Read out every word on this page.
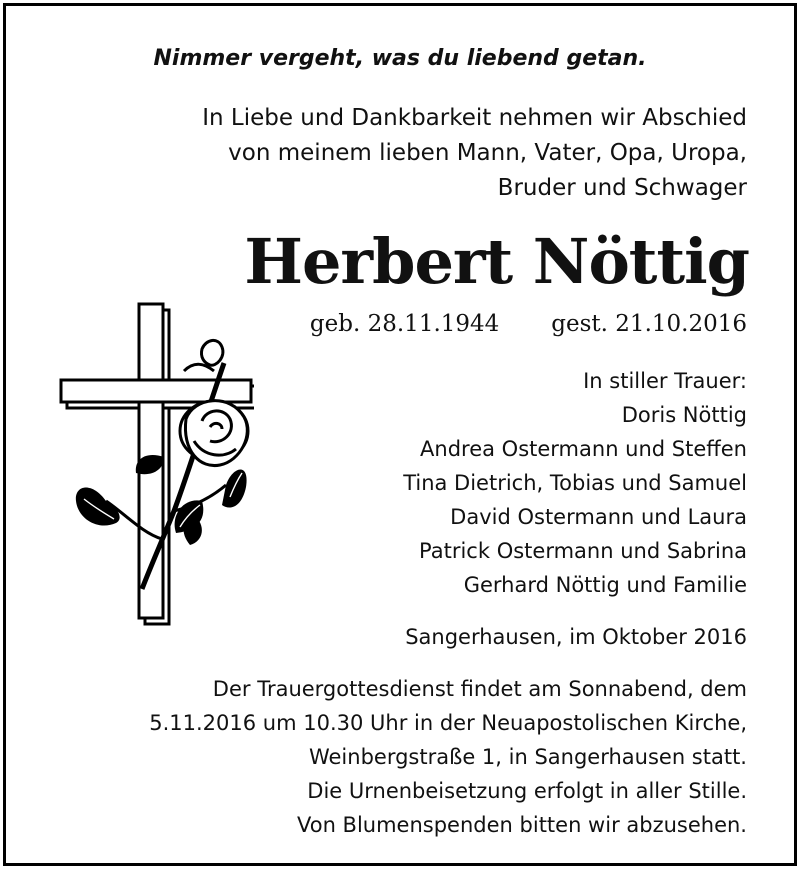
Nimmer vergeht, was du liebend getan.

In Liebe und Dankbarkeit nehmen wir Abschied
von meinem lieben Mann, Vater, Opa, Uropa,
Bruder und Schwager
Herbert Nöttig
geb. 28.11.1944 gest. 21.10.2016
In stiller Trauer:
Doris Nöttig
Andrea Ostermann und Steffen
Tina Dietrich, Tobias und Samuel
David Ostermann und Laura
Patrick Ostermann und Sabrina
Gerhard Nöttig und Familie
Sangerhausen, im Oktober 2016
Der Trauergottesdienst findet am Sonnabend, dem
5.11.2016 um 10.30 Uhr in der Neuapostolischen Kirche,
Weinbergstraße 1, in Sangerhausen statt.
Die Urnenbeisetzung erfolgt in aller Stille.
Von Blumenspenden bitten wir abzusehen.
